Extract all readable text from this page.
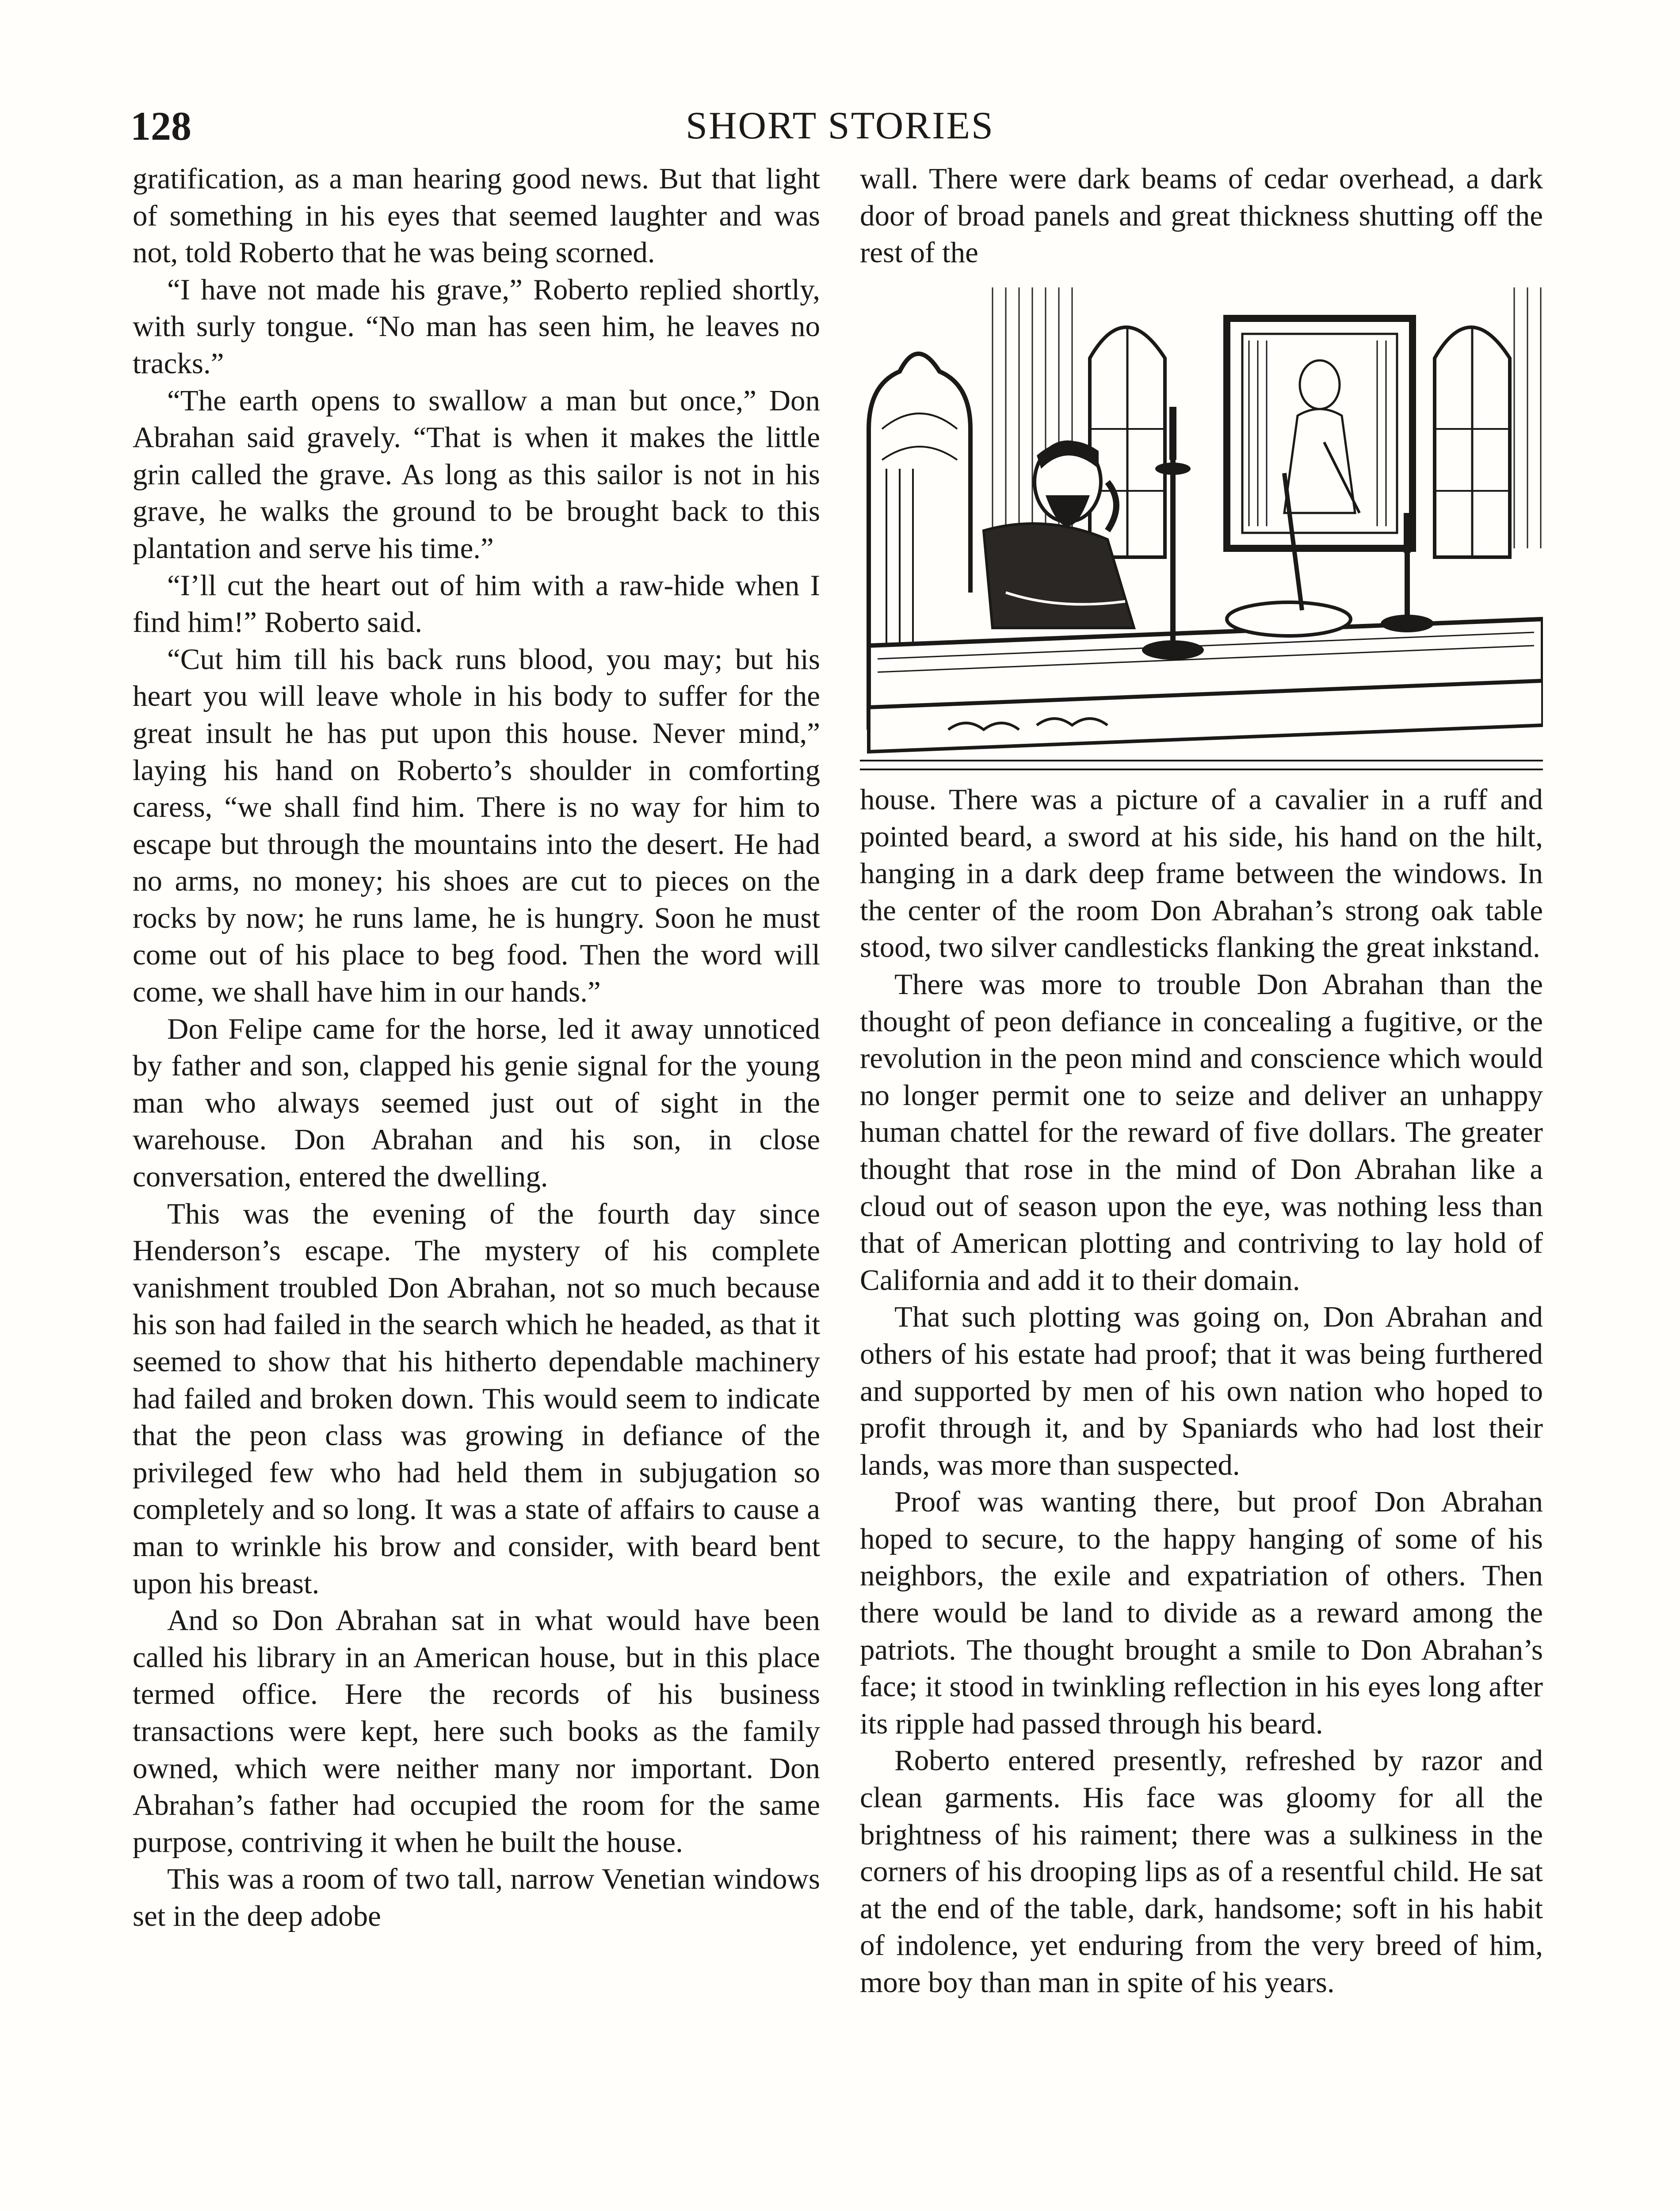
128	SHORT STORIES

gratification, as a man hearing good news. But that light of something in his eyes that seemed laughter and was not, told Roberto that he was being scorned.

“I have not made his grave,” Roberto replied shortly, with surly tongue. “No man has seen him, he leaves no tracks.”

“The earth opens to swallow a man but once,” Don Abrahan said gravely. “That is when it makes the little grin called the grave. As long as this sailor is not in his grave, he walks the ground to be brought back to this plantation and serve his time.”

“I’ll cut the heart out of him with a raw-hide when I find him!” Roberto said.

“Cut him till his back runs blood, you may; but his heart you will leave whole in his body to suffer for the great insult he has put upon this house. Never mind,” laying his hand on Roberto’s shoulder in comforting caress, “we shall find him. There is no way for him to escape but through the mountains into the desert. He had no arms, no money; his shoes are cut to pieces on the rocks by now; he runs lame, he is hungry. Soon he must come out of his place to beg food. Then the word will come, we shall have him in our hands.”

Don Felipe came for the horse, led it away unnoticed by father and son, clapped his genie signal for the young man who always seemed just out of sight in the warehouse. Don Abrahan and his son, in close conversation, entered the dwelling.

This was the evening of the fourth day since Henderson’s escape. The mystery of his complete vanishment troubled Don Abrahan, not so much because his son had failed in the search which he headed, as that it seemed to show that his hitherto dependable machinery had failed and broken down. This would seem to indicate that the peon class was growing in defiance of the privileged few who had held them in subjugation so completely and so long. It was a state of affairs to cause a man to wrinkle his brow and consider, with beard bent upon his breast.

And so Don Abrahan sat in what would have been called his library in an American house, but in this place termed office. Here the records of his business transactions were kept, here such books as the family owned, which were neither many nor important. Don Abrahan’s father had occupied the room for the same purpose, contriving it when he built the house.

This was a room of two tall, narrow Venetian windows set in the deep adobe

wall. There were dark beams of cedar overhead, a dark door of broad panels and great thickness shutting off the rest of the

house. There was a picture of a cavalier in a ruff and pointed beard, a sword at his side, his hand on the hilt, hanging in a dark deep frame between the windows. In the center of the room Don Abrahan’s strong oak table stood, two silver candlesticks flanking the great inkstand.

There was more to trouble Don Abrahan than the thought of peon defiance in concealing a fugitive, or the revolution in the peon mind and conscience which would no longer permit one to seize and deliver an unhappy human chattel for the reward of five dollars. The greater thought that rose in the mind of Don Abrahan like a cloud out of season upon the eye, was nothing less than that of American plotting and contriving to lay hold of California and add it to their domain.

That such plotting was going on, Don Abrahan and others of his estate had proof; that it was being furthered and supported by men of his own nation who hoped to profit through it, and by Spaniards who had lost their lands, was more than suspected.

Proof was wanting there, but proof Don Abrahan hoped to secure, to the happy hanging of some of his neighbors, the exile and expatriation of others. Then there would be land to divide as a reward among the patriots. The thought brought a smile to Don Abrahan’s face; it stood in twinkling reflection in his eyes long after its ripple had passed through his beard.

Roberto entered presently, refreshed by razor and clean garments. His face was gloomy for all the brightness of his raiment; there was a sulkiness in the corners of his drooping lips as of a resentful child. He sat at the end of the table, dark, handsome; soft in his habit of indolence, yet enduring from the very breed of him, more boy than man in spite of his years.
